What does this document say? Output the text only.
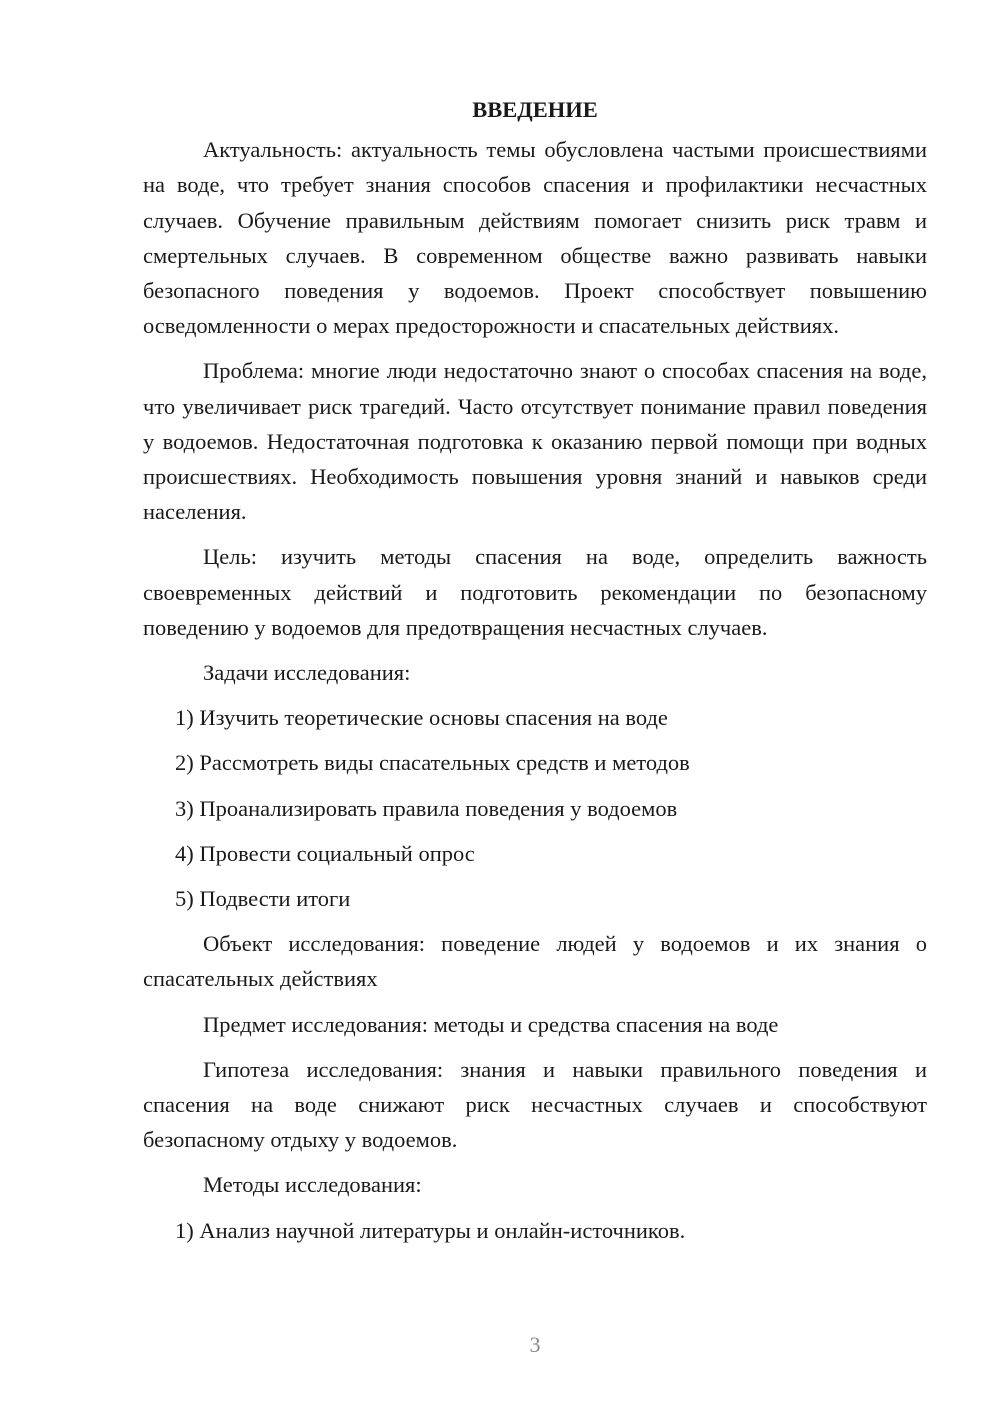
ВВЕДЕНИЕ

Актуальность: актуальность темы обусловлена частыми происшествиями на воде, что требует знания способов спасения и профилактики несчастных случаев. Обучение правильным действиям помогает снизить риск травм и смертельных случаев. В современном обществе важно развивать навыки безопасного поведения у водоемов. Проект способствует повышению осведомленности о мерах предосторожности и спасательных действиях.

Проблема: многие люди недостаточно знают о способах спасения на воде, что увеличивает риск трагедий. Часто отсутствует понимание правил поведения у водоемов. Недостаточная подготовка к оказанию первой помощи при водных происшествиях. Необходимость повышения уровня знаний и навыков среди населения.

Цель: изучить методы спасения на воде, определить важность своевременных действий и подготовить рекомендации по безопасному поведению у водоемов для предотвращения несчастных случаев.

Задачи исследования:

1) Изучить теоретические основы спасения на воде

2) Рассмотреть виды спасательных средств и методов

3) Проанализировать правила поведения у водоемов

4) Провести социальный опрос

5) Подвести итоги

Объект исследования: поведение людей у водоемов и их знания о спасательных действиях

Предмет исследования: методы и средства спасения на воде

Гипотеза исследования: знания и навыки правильного поведения и спасения на воде снижают риск несчастных случаев и способствуют безопасному отдыху у водоемов.

Методы исследования:

1) Анализ научной литературы и онлайн-источников.

3
